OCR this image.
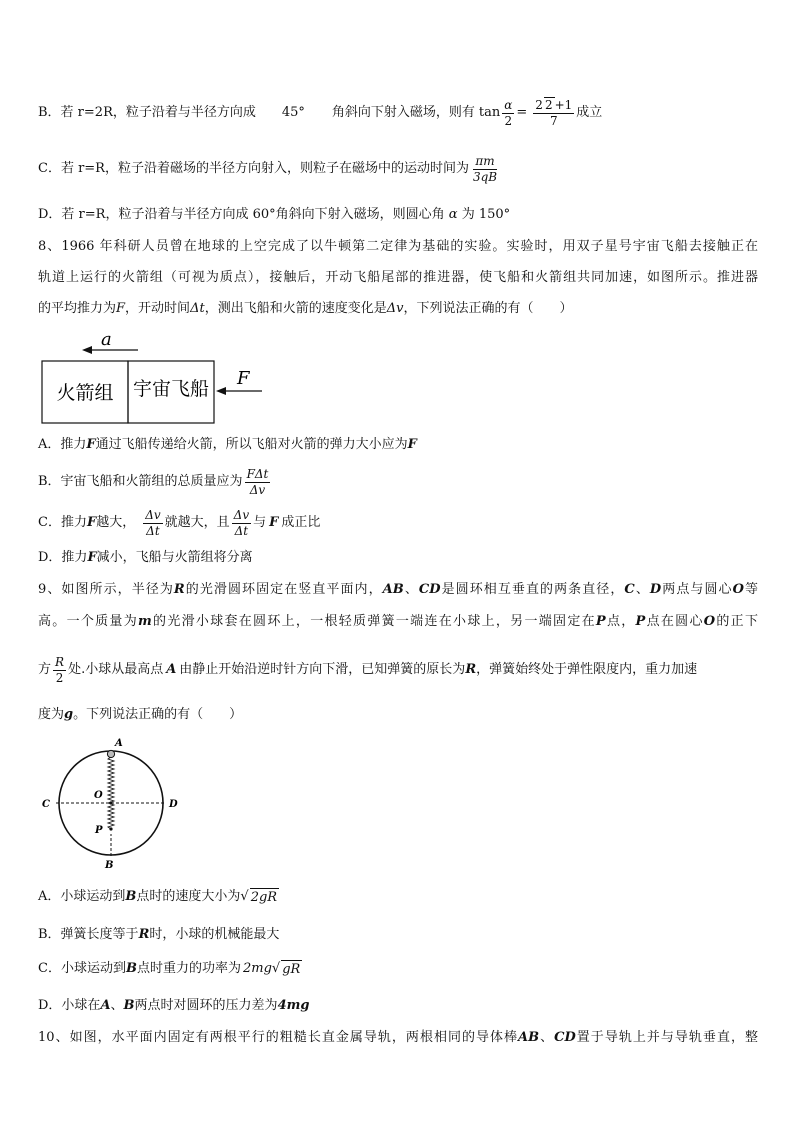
B．若 r=2R，粒子沿着与半径方向成 45° 角斜向下射入磁场，则有 $\tan \frac{\alpha}{2} = \frac{2 2 +1}{7}$ 成立
C．若 r=R，粒子沿着磁场的半径方向射入，则粒子在磁场中的运动时间为 $\frac{\pi m}{3qB}$
D．若 r=R，粒子沿着与半径方向成 60°角斜向下射入磁场，则圆心角 α 为 150°
8、1966 年科研人员曾在地球的上空完成了以牛顿第二定律为基础的实验。实验时，用双子星号宇宙飞船去接触正在
轨道上运行的火箭组（可视为质点），接触后，开动飞船尾部的推进器，使飞船和火箭组共同加速，如图所示。推进器
的平均推力为F，开动时间Δt，测出飞船和火箭的速度变化是Δv，下列说法正确的有（　　）
a
火箭组 宇宙飞船 F
A．推力F通过飞船传递给火箭，所以飞船对火箭的弹力大小应为F
B．宇宙飞船和火箭组的总质量应为 $\frac{\text{FΔt}}{\Delta v}$
C．推力 F 越大， $\frac{\Delta v}{\Delta t}$ 就越大，且 $\frac{\Delta v}{\Delta t}$ 与 F 成正比
D．推力F减小，飞船与火箭组将分离
9、如图所示，半径为R的光滑圆环固定在竖直平面内，AB、CD是圆环相互垂直的两条直径，C、D两点与圆心O等
高。一个质量为m的光滑小球套在圆环上，一根轻质弹簧一端连在小球上，另一端固定在P点，P点在圆心O的正下
方 $\frac{R}{2}$ 处.小球从最高点 A 由静止开始沿逆时针方向下滑，已知弹簧的原长为 R ，弹簧始终处于弹性限度内，重力加速
度为g。下列说法正确的有（　　）
A
C	D
O
P
B
A．小球运动到 B 点时的速度大小为 √ 2gR
B．弹簧长度等于R时，小球的机械能最大
C．小球运动到 B 点时重力的功率为 2mg √ gR
D．小球在A、B两点时对圆环的压力差为4mg
10、如图，水平面内固定有两根平行的粗糙长直金属导轨，两根相同的导体棒AB、CD置于导轨上并与导轨垂直，整
